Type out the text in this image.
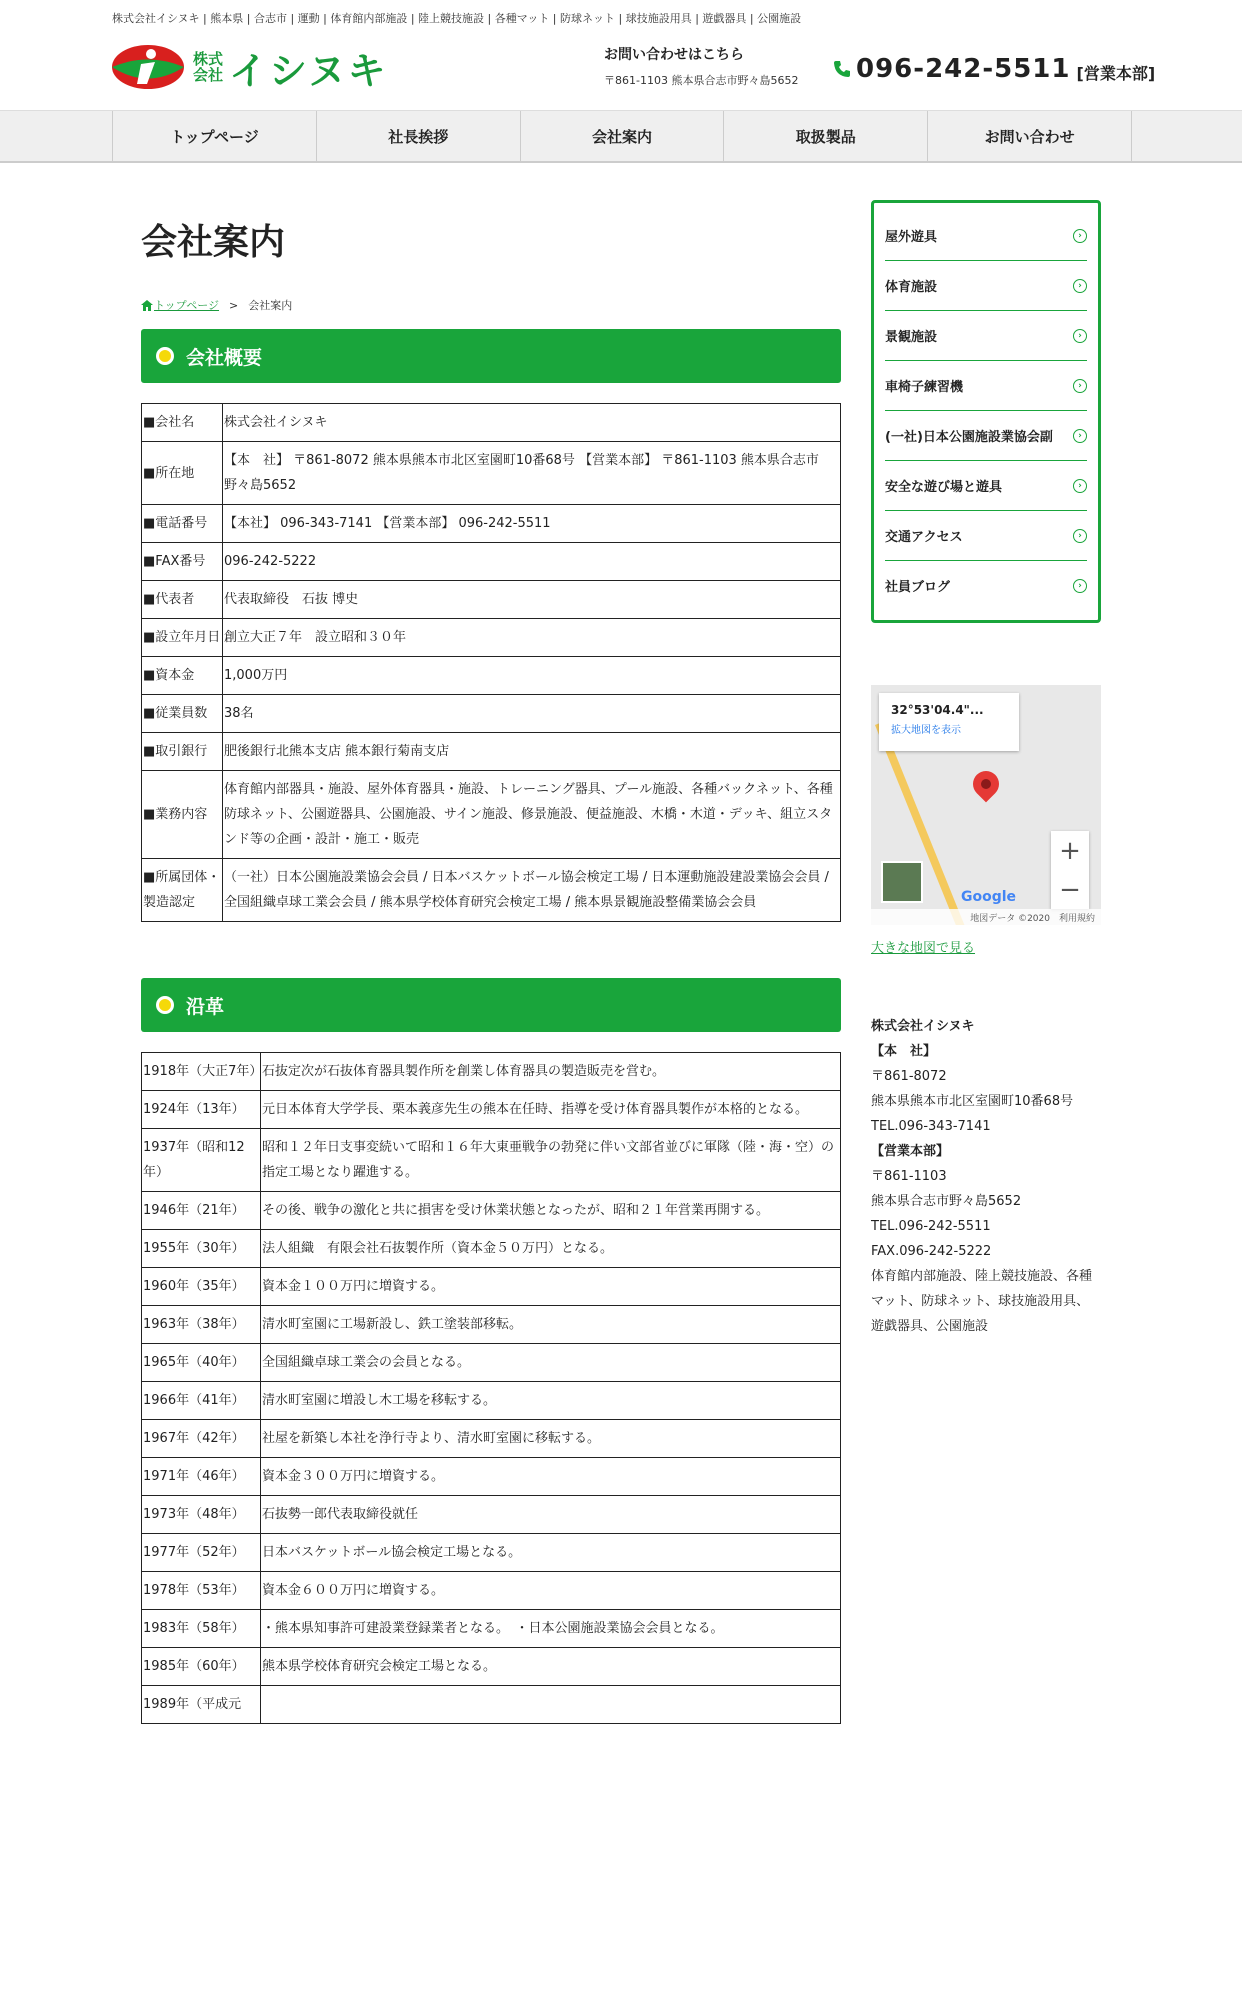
株式会社イシヌキ | 熊本県 | 合志市 | 運動 | 体育館内部施設 | 陸上競技施設 | 各種マット | 防球ネット | 球技施設用具 | 遊戯器具 | 公園施設
株式
会社 イシヌキ	お問い合わせはこちら
〒861-1103 熊本県合志市野々島5652 096-242-5511 [営業本部]
トップページ	社長挨拶	会社案内	取扱製品	お問い合わせ
会社案内
トップページ > 会社案内
会社概要
■会社名	株式会社イシヌキ
■所在地	【本　社】 〒861-8072 熊本県熊本市北区室園町10番68号 【営業本部】 〒861-1103 熊本県合志市野々島5652
■電話番号	【本社】 096-343-7141 【営業本部】 096-242-5511
■FAX番号	096-242-5222
■代表者	代表取締役　石抜 博史
■設立年月日	創立大正７年　設立昭和３０年
■資本金	1,000万円
■従業員数	38名
■取引銀行	肥後銀行北熊本支店 熊本銀行菊南支店
■業務内容	体育館内部器具・施設、屋外体育器具・施設、トレーニング器具、プール施設、各種バックネット、各種防球ネット、公園遊器具、公園施設、サイン施設、修景施設、便益施設、木橋・木道・デッキ、組立スタンド等の企画・設計・施工・販売
■所属団体・製造認定	（一社）日本公園施設業協会会員 / 日本バスケットボール協会検定工場 / 日本運動施設建設業協会会員 / 全国組織卓球工業会会員 / 熊本県学校体育研究会検定工場 / 熊本県景観施設整備業協会会員
沿革
1918年（大正7年）	石抜定次が石抜体育器具製作所を創業し体育器具の製造販売を営む。
1924年（13年）	元日本体育大学学長、栗本義彦先生の熊本在任時、指導を受け体育器具製作が本格的となる。
1937年（昭和12年）	昭和１２年日支事変続いて昭和１６年大東亜戦争の勃発に伴い文部省並びに軍隊（陸・海・空）の指定工場となり躍進する。
1946年（21年）	その後、戦争の激化と共に損害を受け休業状態となったが、昭和２１年営業再開する。
1955年（30年）	法人組織　有限会社石抜製作所（資本金５０万円）となる。
1960年（35年）	資本金１００万円に増資する。
1963年（38年）	清水町室園に工場新設し、鉄工塗装部移転。
1965年（40年）	全国組織卓球工業会の会員となる。
1966年（41年）	清水町室園に増設し木工場を移転する。
1967年（42年）	社屋を新築し本社を浄行寺より、清水町室園に移転する。
1971年（46年）	資本金３００万円に増資する。
1973年（48年）	石抜勢一郎代表取締役就任
1977年（52年）	日本バスケットボール協会検定工場となる。
1978年（53年）	資本金６００万円に増資する。
1983年（58年）	・熊本県知事許可建設業登録業者となる。　・日本公園施設業協会会員となる。
1985年（60年）	熊本県学校体育研究会検定工場となる。
1989年（平成元	
屋外遊具	›
体育施設	›
景観施設	›
車椅子練習機	›
(一社)日本公園施設業協会副	›
安全な遊び場と遊具	›
交通アクセス	›
社員ブログ	›
32°53'04.4"...
拡大地図を表示
+
−
Google
地図データ ©2020　利用規約
大きな地図で見る
株式会社イシヌキ
【本　社】
〒861-8072
熊本県熊本市北区室園町10番68号
TEL.096-343-7141
【営業本部】
〒861-1103
熊本県合志市野々島5652
TEL.096-242-5511
FAX.096-242-5222
体育館内部施設、陸上競技施設、各種マット、防球ネット、球技施設用具、遊戯器具、公園施設
